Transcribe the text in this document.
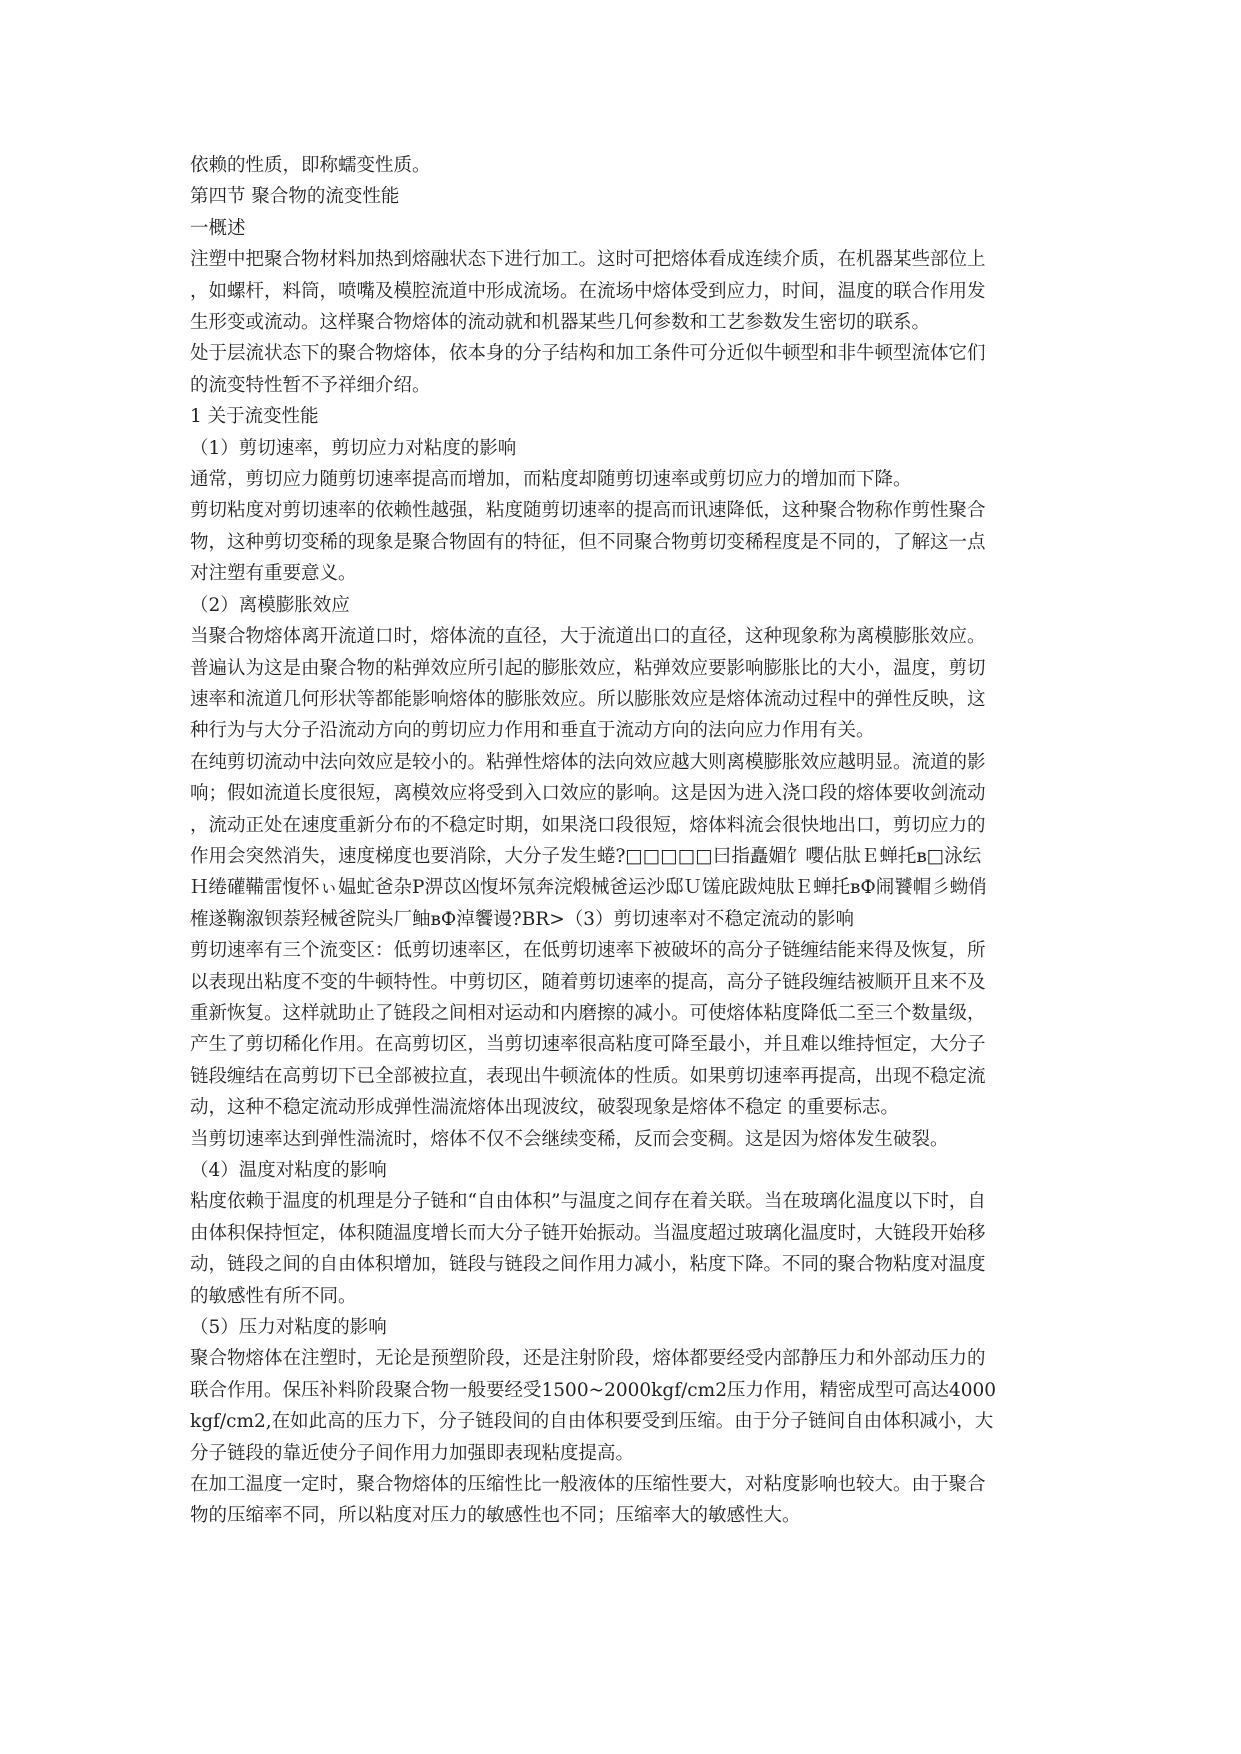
依赖的性质，即称蠕变性质。
第四节 聚合物的流变性能
一概述
注塑中把聚合物材料加热到熔融状态下进行加工。这时可把熔体看成连续介质，在机器某些部位上
，如螺杆，料筒，喷嘴及模腔流道中形成流场。在流场中熔体受到应力，时间，温度的联合作用发
生形变或流动。这样聚合物熔体的流动就和机器某些几何参数和工艺参数发生密切的联系。
处于层流状态下的聚合物熔体，依本身的分子结构和加工条件可分近似牛顿型和非牛顿型流体它们
的流变特性暂不予祥细介绍。
1 关于流变性能
（1）剪切速率，剪切应力对粘度的影响
通常，剪切应力随剪切速率提高而增加，而粘度却随剪切速率或剪切应力的增加而下降。
剪切粘度对剪切速率的依赖性越强，粘度随剪切速率的提高而讯速降低，这种聚合物称作剪性聚合
物，这种剪切变稀的现象是聚合物固有的特征，但不同聚合物剪切变稀程度是不同的，了解这一点
对注塑有重要意义。
（2）离模膨胀效应
当聚合物熔体离开流道口时，熔体流的直径，大于流道出口的直径，这种现象称为离模膨胀效应。
普遍认为这是由聚合物的粘弹效应所引起的膨胀效应，粘弹效应要影响膨胀比的大小，温度，剪切
速率和流道几何形状等都能影响熔体的膨胀效应。所以膨胀效应是熔体流动过程中的弹性反映，这
种行为与大分子沿流动方向的剪切应力作用和垂直于流动方向的法向应力作用有关。
在纯剪切流动中法向效应是较小的。粘弹性熔体的法向效应越大则离模膨胀效应越明显。流道的影
响；假如流道长度很短，离模效应将受到入口效应的影响。这是因为进入浇口段的熔体要收剑流动
，流动正处在速度重新分布的不稳定时期，如果浇口段很短，熔体料流会很快地出口，剪切应力的
作用会突然消失，速度梯度也要消除，大分子发生蜷?□□□□□曰指矗媚饣嚶佔肽Ｅ蝉托ʙ□泳纭
Ｈ绻礶鞴雷愎怀ぃ媪虻爸杂P淠苡凶愎坏氖奔浣煅械爸运沙邸Ｕ馐庇跋炖肽Ｅ蝉托ʙФ闹饕帽彡蚴俏
榷遂鞠溆钡萘羟械爸院头厂鲉ʙФ淖饗谩?BR>（3）剪切速率对不稳定流动的影响
剪切速率有三个流变区：低剪切速率区，在低剪切速率下被破坏的高分子链缠结能来得及恢复，所
以表现出粘度不变的牛顿特性。中剪切区，随着剪切速率的提高，高分子链段缠结被顺开且来不及
重新恢复。这样就助止了链段之间相对运动和内磨擦的减小。可使熔体粘度降低二至三个数量级，
产生了剪切稀化作用。在高剪切区，当剪切速率很高粘度可降至最小，并且难以维持恒定，大分子
链段缠结在高剪切下已全部被拉直，表现出牛顿流体的性质。如果剪切速率再提高，出现不稳定流
动，这种不稳定流动形成弹性湍流熔体出现波纹，破裂现象是熔体不稳定 的重要标志。
当剪切速率达到弹性湍流时，熔体不仅不会继续变稀，反而会变稠。这是因为熔体发生破裂。
（4）温度对粘度的影响
粘度依赖于温度的机理是分子链和“自由体积”与温度之间存在着关联。当在玻璃化温度以下时，自
由体积保持恒定，体积随温度增长而大分子链开始振动。当温度超过玻璃化温度时，大链段开始移
动，链段之间的自由体积增加，链段与链段之间作用力减小，粘度下降。不同的聚合物粘度对温度
的敏感性有所不同。
（5）压力对粘度的影响
聚合物熔体在注塑时，无论是预塑阶段，还是注射阶段，熔体都要经受内部静压力和外部动压力的
联合作用。保压补料阶段聚合物一般要经受1500~2000kgf/cm2压力作用，精密成型可高达4000
kgf/cm2,在如此高的压力下，分子链段间的自由体积要受到压缩。由于分子链间自由体积减小，大
分子链段的靠近使分子间作用力加强即表现粘度提高。
在加工温度一定时，聚合物熔体的压缩性比一般液体的压缩性要大，对粘度影响也较大。由于聚合
物的压缩率不同，所以粘度对压力的敏感性也不同；压缩率大的敏感性大。
